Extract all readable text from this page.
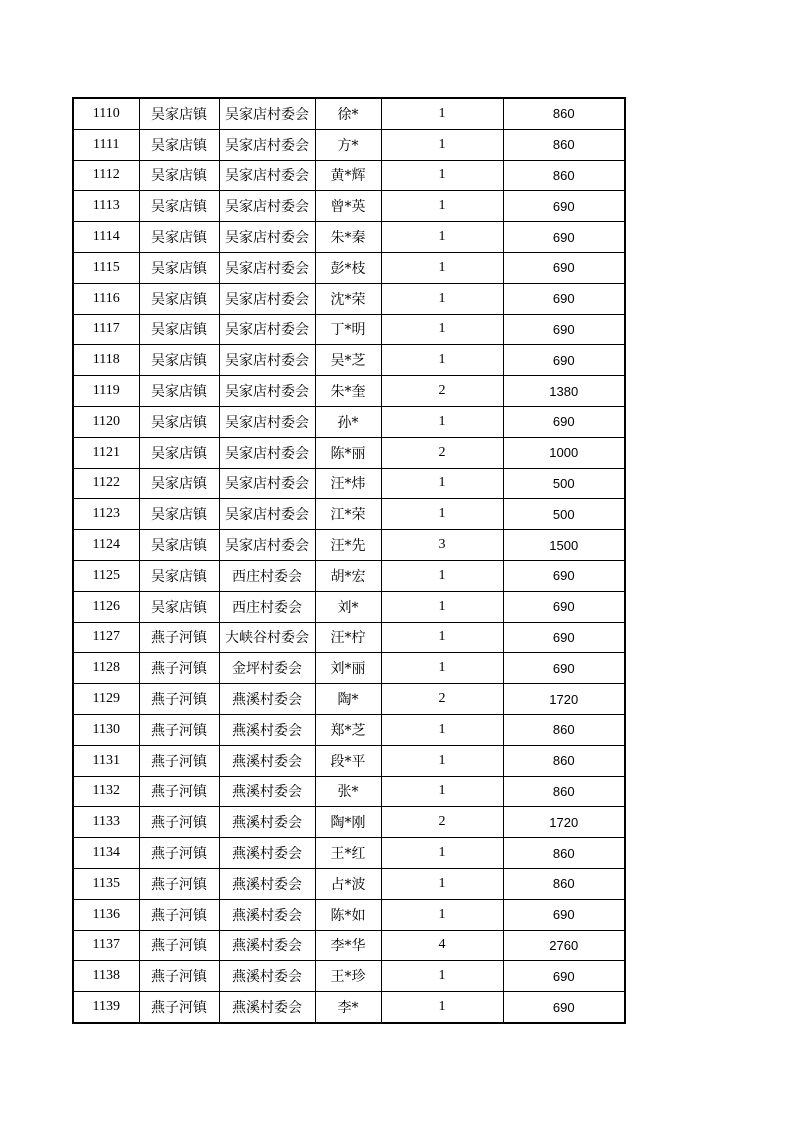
1110	吴家店镇	吴家店村委会	徐*	1	860
1111	吴家店镇	吴家店村委会	方*	1	860
1112	吴家店镇	吴家店村委会	黄*辉	1	860
1113	吴家店镇	吴家店村委会	曾*英	1	690
1114	吴家店镇	吴家店村委会	朱*秦	1	690
1115	吴家店镇	吴家店村委会	彭*枝	1	690
1116	吴家店镇	吴家店村委会	沈*荣	1	690
1117	吴家店镇	吴家店村委会	丁*明	1	690
1118	吴家店镇	吴家店村委会	吴*芝	1	690
1119	吴家店镇	吴家店村委会	朱*奎	2	1380
1120	吴家店镇	吴家店村委会	孙*	1	690
1121	吴家店镇	吴家店村委会	陈*丽	2	1000
1122	吴家店镇	吴家店村委会	汪*炜	1	500
1123	吴家店镇	吴家店村委会	江*荣	1	500
1124	吴家店镇	吴家店村委会	汪*先	3	1500
1125	吴家店镇	西庄村委会	胡*宏	1	690
1126	吴家店镇	西庄村委会	刘*	1	690
1127	燕子河镇	大峡谷村委会	汪*柠	1	690
1128	燕子河镇	金坪村委会	刘*丽	1	690
1129	燕子河镇	燕溪村委会	陶*	2	1720
1130	燕子河镇	燕溪村委会	郑*芝	1	860
1131	燕子河镇	燕溪村委会	段*平	1	860
1132	燕子河镇	燕溪村委会	张*	1	860
1133	燕子河镇	燕溪村委会	陶*刚	2	1720
1134	燕子河镇	燕溪村委会	王*红	1	860
1135	燕子河镇	燕溪村委会	占*波	1	860
1136	燕子河镇	燕溪村委会	陈*如	1	690
1137	燕子河镇	燕溪村委会	李*华	4	2760
1138	燕子河镇	燕溪村委会	王*珍	1	690
1139	燕子河镇	燕溪村委会	李*	1	690
